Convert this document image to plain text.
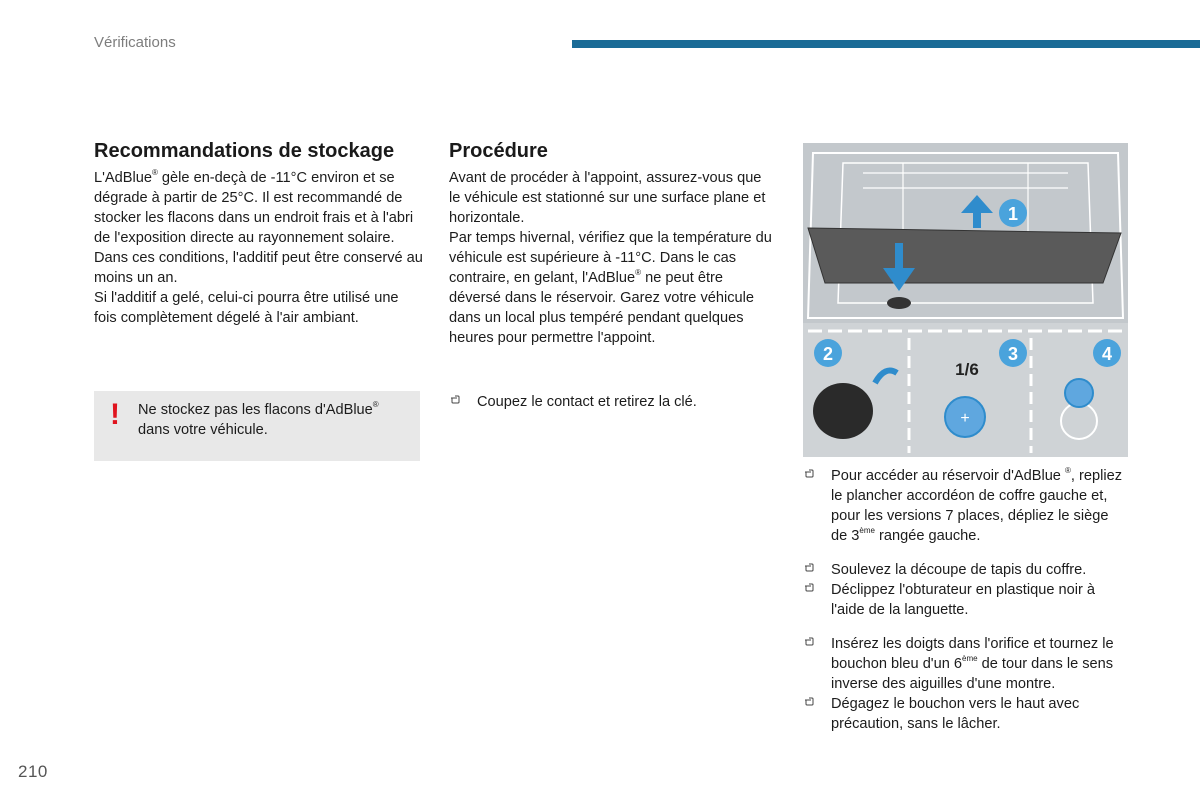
Vérifications
Recommandations de stockage

L'AdBlue® gèle en-deçà de -11°C environ et se dégrade à partir de 25°C. Il est recommandé de stocker les flacons dans un endroit frais et à l'abri de l'exposition directe au rayonnement solaire.

Dans ces conditions, l'additif peut être conservé au moins un an.

Si l'additif a gelé, celui-ci pourra être utilisé une fois complètement dégelé à l'air ambiant.

! Ne stockez pas les flacons d'AdBlue®
dans votre véhicule.
Procédure

Avant de procéder à l'appoint, assurez-vous que le véhicule est stationné sur une surface plane et horizontale.

Par temps hivernal, vérifiez que la température du véhicule est supérieure à -11°C. Dans le cas contraire, en gelant, l'AdBlue® ne peut être déversé dans le réservoir. Garez votre véhicule dans un local plus tempéré pendant quelques heures pour permettre l'appoint.

Coupez le contact et retirez la clé.
1
2	3
1/6
+
4
Pour accéder au réservoir d'AdBlue ®, repliez le plancher accordéon de coffre gauche et, pour les versions 7 places, dépliez le siège de 3ème rangée gauche.
Soulevez la découpe de tapis du coffre.
Déclippez l'obturateur en plastique noir à l'aide de la languette.
Insérez les doigts dans l'orifice et tournez le bouchon bleu d'un 6ème de tour dans le sens inverse des aiguilles d'une montre.
Dégagez le bouchon vers le haut avec précaution, sans le lâcher.
210
